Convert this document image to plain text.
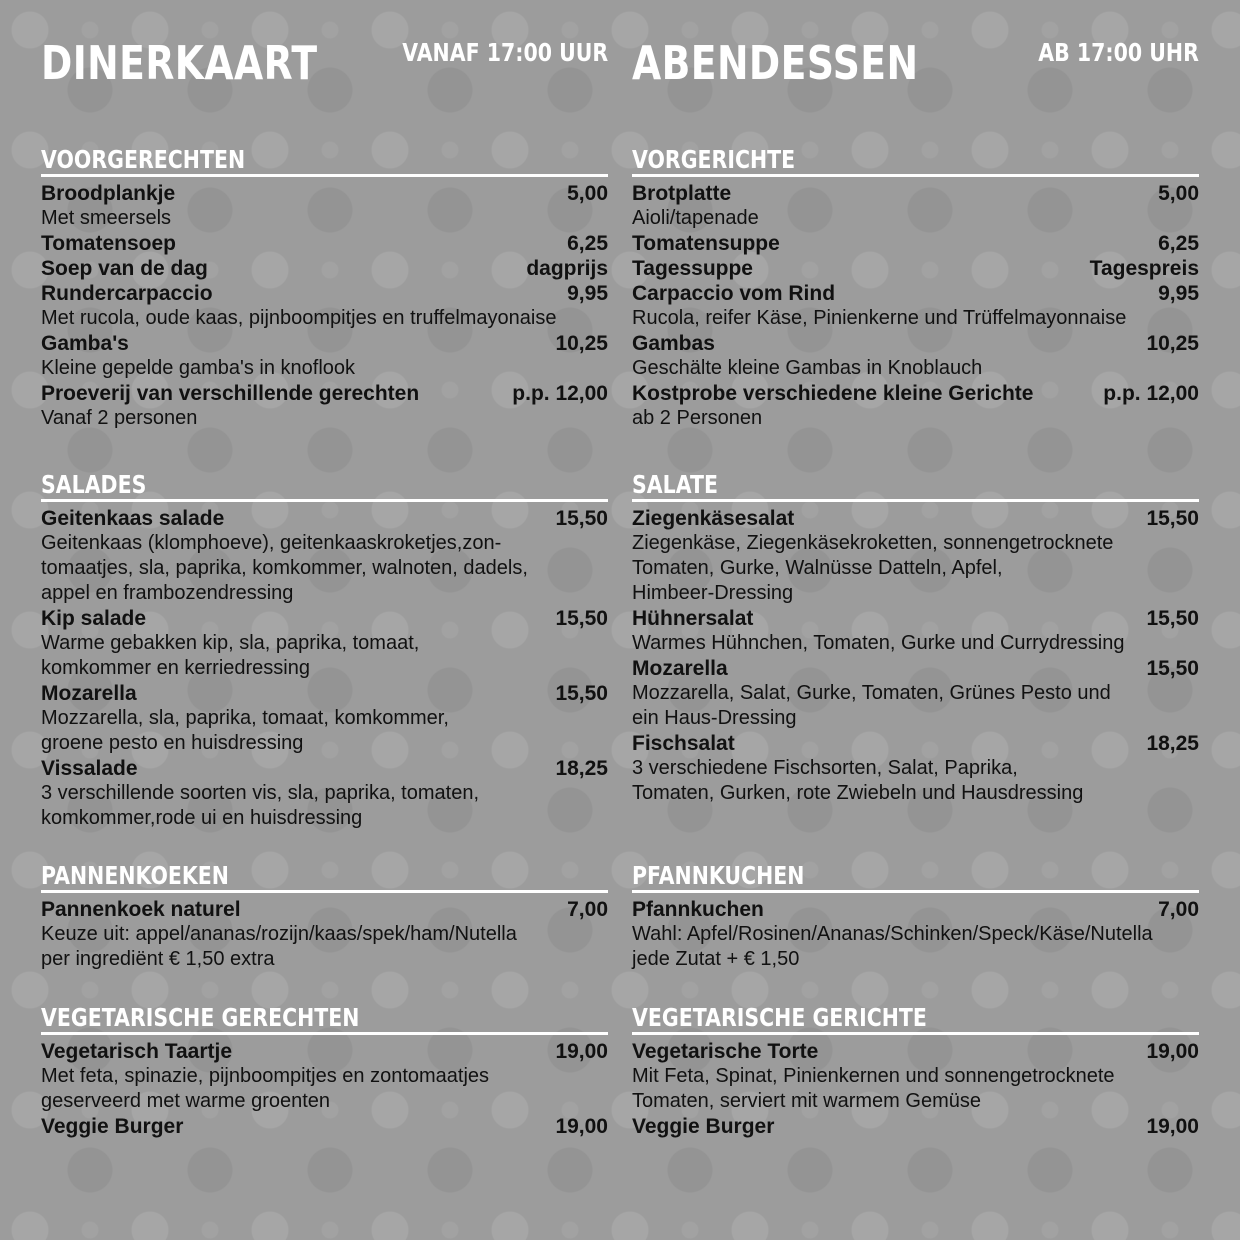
DINERKAART	VANAF 17:00 UUR
VOORGERECHTEN
Broodplankje	5,00
Met smeersels
Tomatensoep	6,25
Soep van de dag	dagprijs
Rundercarpaccio	9,95
Met rucola, oude kaas, pijnboompitjes en truffelmayonaise
Gamba's	10,25
Kleine gepelde gamba's in knoflook
Proeverij van verschillende gerechten	p.p. 12,00
Vanaf 2 personen
SALADES
Geitenkaas salade	15,50
Geitenkaas (klomphoeve), geitenkaaskroketjes,zon-
tomaatjes, sla, paprika, komkommer, walnoten, dadels,
appel en frambozendressing
Kip salade	15,50
Warme gebakken kip, sla, paprika, tomaat,
komkommer en kerriedressing
Mozarella	15,50
Mozzarella, sla, paprika, tomaat, komkommer,
groene pesto en huisdressing
Vissalade	18,25
3 verschillende soorten vis, sla, paprika, tomaten,
komkommer,rode ui en huisdressing
PANNENKOEKEN
Pannenkoek naturel	7,00
Keuze uit: appel/ananas/rozijn/kaas/spek/ham/Nutella
per ingrediënt € 1,50 extra
VEGETARISCHE GERECHTEN
Vegetarisch Taartje	19,00
Met feta, spinazie, pijnboompitjes en zontomaatjes
geserveerd met warme groenten
Veggie Burger	19,00
ABENDESSEN	AB 17:00 UHR
VORGERICHTE
Brotplatte	5,00
Aioli/tapenade
Tomatensuppe	6,25
Tagessuppe	Tagespreis
Carpaccio vom Rind	9,95
Rucola, reifer Käse, Pinienkerne und Trüffelmayonnaise
Gambas	10,25
Geschälte kleine Gambas in Knoblauch
Kostprobe verschiedene kleine Gerichte	p.p. 12,00
ab 2 Personen
SALATE
Ziegenkäsesalat	15,50
Ziegenkäse, Ziegenkäsekroketten, sonnengetrocknete
Tomaten, Gurke, Walnüsse Datteln, Apfel,
Himbeer-Dressing
Hühnersalat	15,50
Warmes Hühnchen, Tomaten, Gurke und Currydressing
Mozarella	15,50
Mozzarella, Salat, Gurke, Tomaten, Grünes Pesto und
ein Haus-Dressing
Fischsalat	18,25
3 verschiedene Fischsorten, Salat, Paprika,
Tomaten, Gurken, rote Zwiebeln und Hausdressing
PFANNKUCHEN
Pfannkuchen	7,00
Wahl: Apfel/Rosinen/Ananas/Schinken/Speck/Käse/Nutella
jede Zutat + € 1,50
VEGETARISCHE GERICHTE
Vegetarische Torte	19,00
Mit Feta, Spinat, Pinienkernen und sonnengetrocknete
Tomaten, serviert mit warmem Gemüse
Veggie Burger	19,00
